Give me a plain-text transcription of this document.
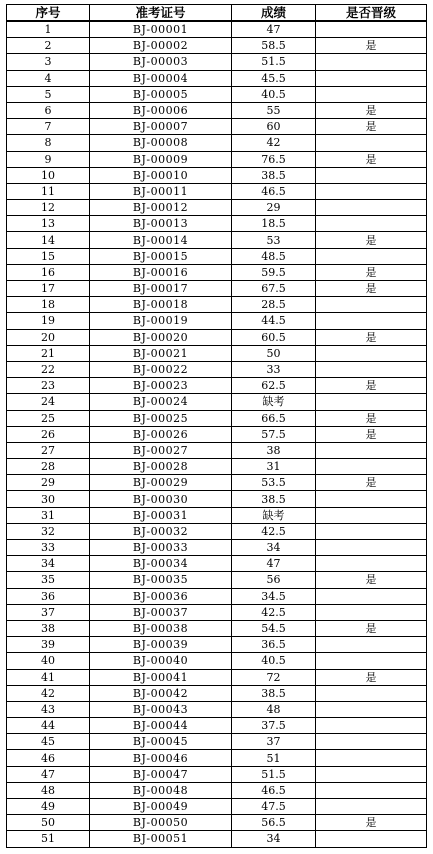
序号	准考证号	成绩	是否晋级
1	BJ-00001	47	
2	BJ-00002	58.5	是
3	BJ-00003	51.5	
4	BJ-00004	45.5	
5	BJ-00005	40.5	
6	BJ-00006	55	是
7	BJ-00007	60	是
8	BJ-00008	42	
9	BJ-00009	76.5	是
10	BJ-00010	38.5	
11	BJ-00011	46.5	
12	BJ-00012	29	
13	BJ-00013	18.5	
14	BJ-00014	53	是
15	BJ-00015	48.5	
16	BJ-00016	59.5	是
17	BJ-00017	67.5	是
18	BJ-00018	28.5	
19	BJ-00019	44.5	
20	BJ-00020	60.5	是
21	BJ-00021	50	
22	BJ-00022	33	
23	BJ-00023	62.5	是
24	BJ-00024	缺考	
25	BJ-00025	66.5	是
26	BJ-00026	57.5	是
27	BJ-00027	38	
28	BJ-00028	31	
29	BJ-00029	53.5	是
30	BJ-00030	38.5	
31	BJ-00031	缺考	
32	BJ-00032	42.5	
33	BJ-00033	34	
34	BJ-00034	47	
35	BJ-00035	56	是
36	BJ-00036	34.5	
37	BJ-00037	42.5	
38	BJ-00038	54.5	是
39	BJ-00039	36.5	
40	BJ-00040	40.5	
41	BJ-00041	72	是
42	BJ-00042	38.5	
43	BJ-00043	48	
44	BJ-00044	37.5	
45	BJ-00045	37	
46	BJ-00046	51	
47	BJ-00047	51.5	
48	BJ-00048	46.5	
49	BJ-00049	47.5	
50	BJ-00050	56.5	是
51	BJ-00051	34	
